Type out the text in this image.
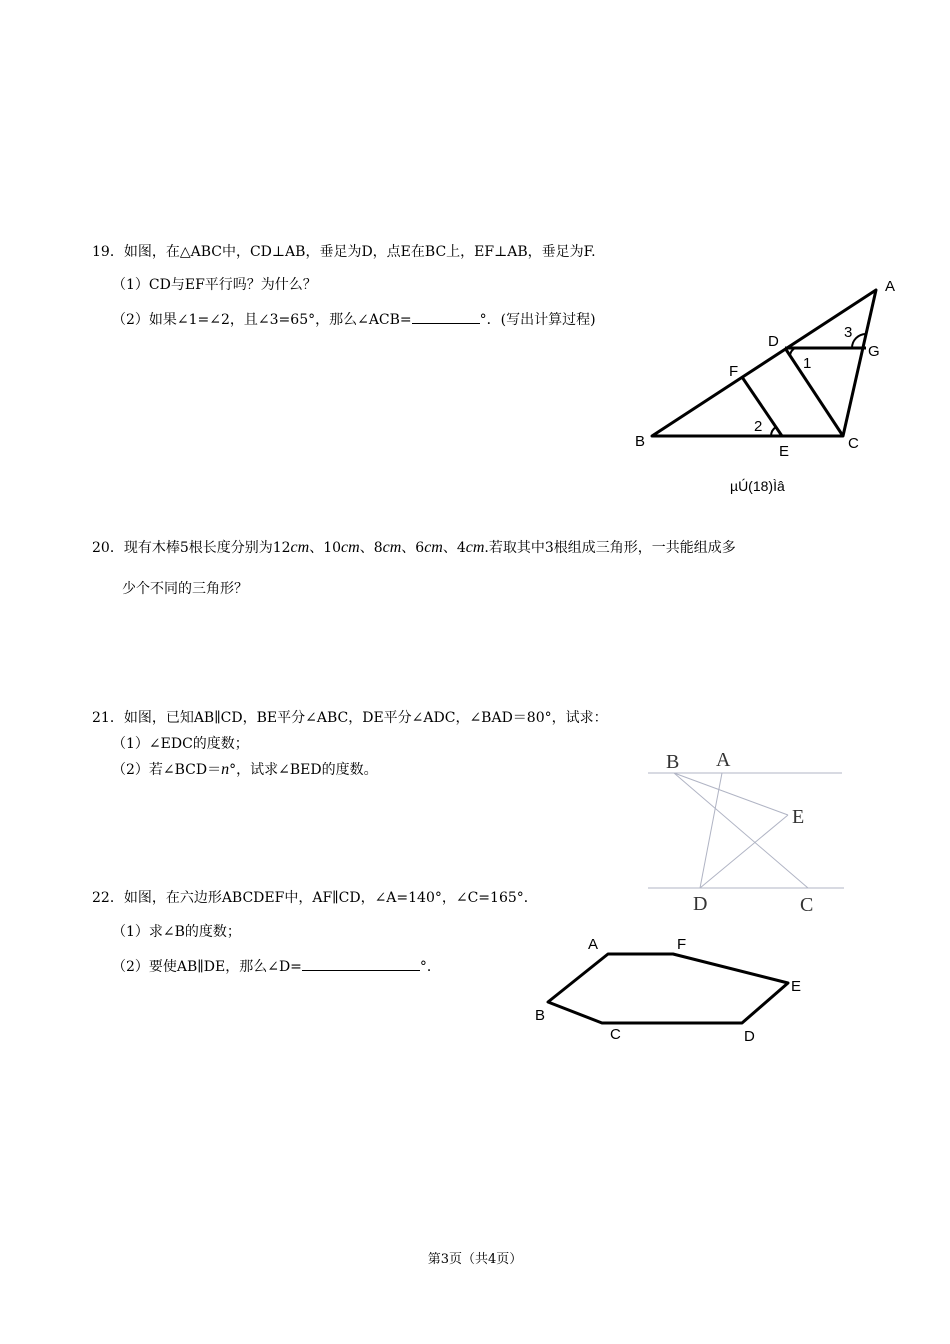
19．如图，在△ABC中，CD⊥AB，垂足为D，点E在BC上，EF⊥AB，垂足为F.
（1）CD与EF平行吗？为什么？
（2）如果∠1=∠2，且∠3=65°，那么∠ACB=	°．(写出计算过程)
20．现有木棒5根长度分别为12cm、10cm、8cm、6cm、4cm.若取其中3根组成三角形，一共能组成多
少个不同的三角形？
21．如图，已知AB∥CD，BE平分∠ABC，DE平分∠ADC，∠BAD＝80°，试求：
（1）∠EDC的度数；
（2）若∠BCD＝n°，试求∠BED的度数。
22．如图，在六边形ABCDEF中，AF∥CD，∠A=140°，∠C=165°．
（1）求∠B的度数；
（2）要使AB∥DE，那么∠D=	°．
A
B	C
D
E
F
G
1
2
3
µÚ(18)Ìâ
B A
E
D	C
A	F
E
D
C
B
第3页（共4页）
